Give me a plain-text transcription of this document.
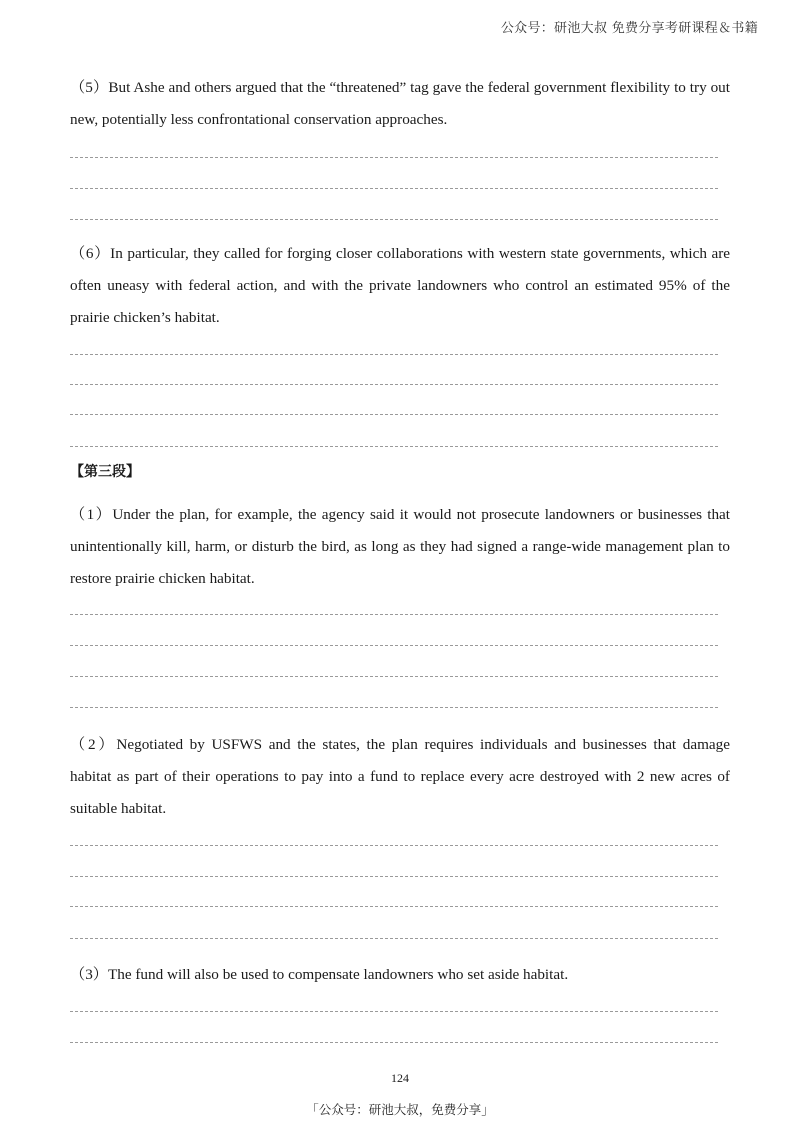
公众号：研池大叔 免费分享考研课程＆书籍
（5）But Ashe and others argued that the “threatened” tag gave the federal government flexibility to try out new, potentially less confrontational conservation approaches.
（6）In particular, they called for forging closer collaborations with western state governments, which are often uneasy with federal action, and with the private landowners who control an estimated 95% of the prairie chicken’s habitat.
【第三段】
（1）Under the plan, for example, the agency said it would not prosecute landowners or businesses that unintentionally kill, harm, or disturb the bird, as long as they had signed a range-wide management plan to restore prairie chicken habitat.
（2）Negotiated by USFWS and the states, the plan requires individuals and businesses that damage habitat as part of their operations to pay into a fund to replace every acre destroyed with 2 new acres of suitable habitat.
（3）The fund will also be used to compensate landowners who set aside habitat.
124
「公众号：研池大叔，免费分享」
